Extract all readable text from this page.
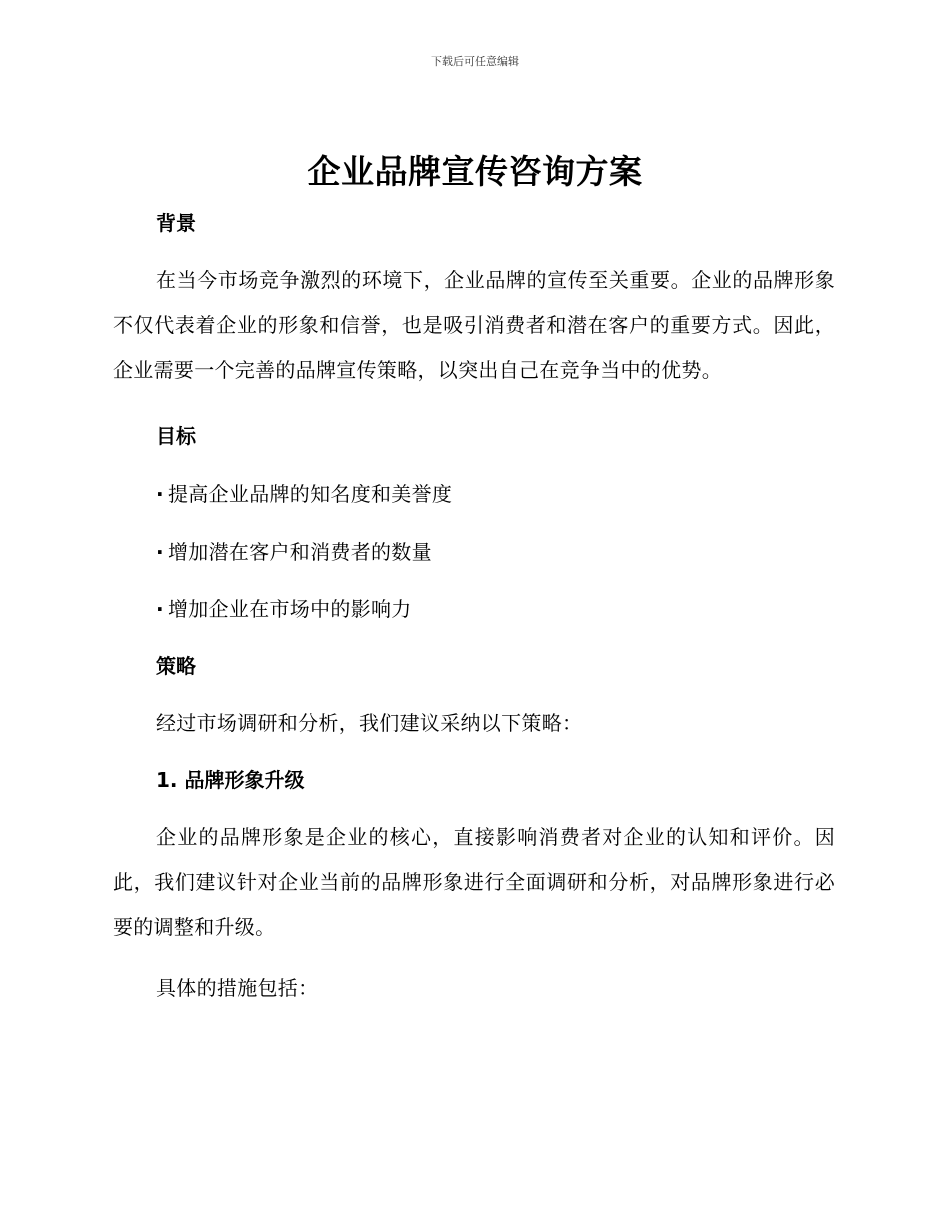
下载后可任意编辑
企业品牌宣传咨询方案
背景

在当今市场竞争激烈的环境下，企业品牌的宣传至关重要。企业的品牌形象不仅代表着企业的形象和信誉，也是吸引消费者和潜在客户的重要方式。因此，企业需要一个完善的品牌宣传策略，以突出自己在竞争当中的优势。

目标
· 提高企业品牌的知名度和美誉度
· 增加潜在客户和消费者的数量
· 增加企业在市场中的影响力
策略
经过市场调研和分析，我们建议采纳以下策略：
1. 品牌形象升级

企业的品牌形象是企业的核心，直接影响消费者对企业的认知和评价。因此，我们建议针对企业当前的品牌形象进行全面调研和分析，对品牌形象进行必要的调整和升级。

具体的措施包括：
